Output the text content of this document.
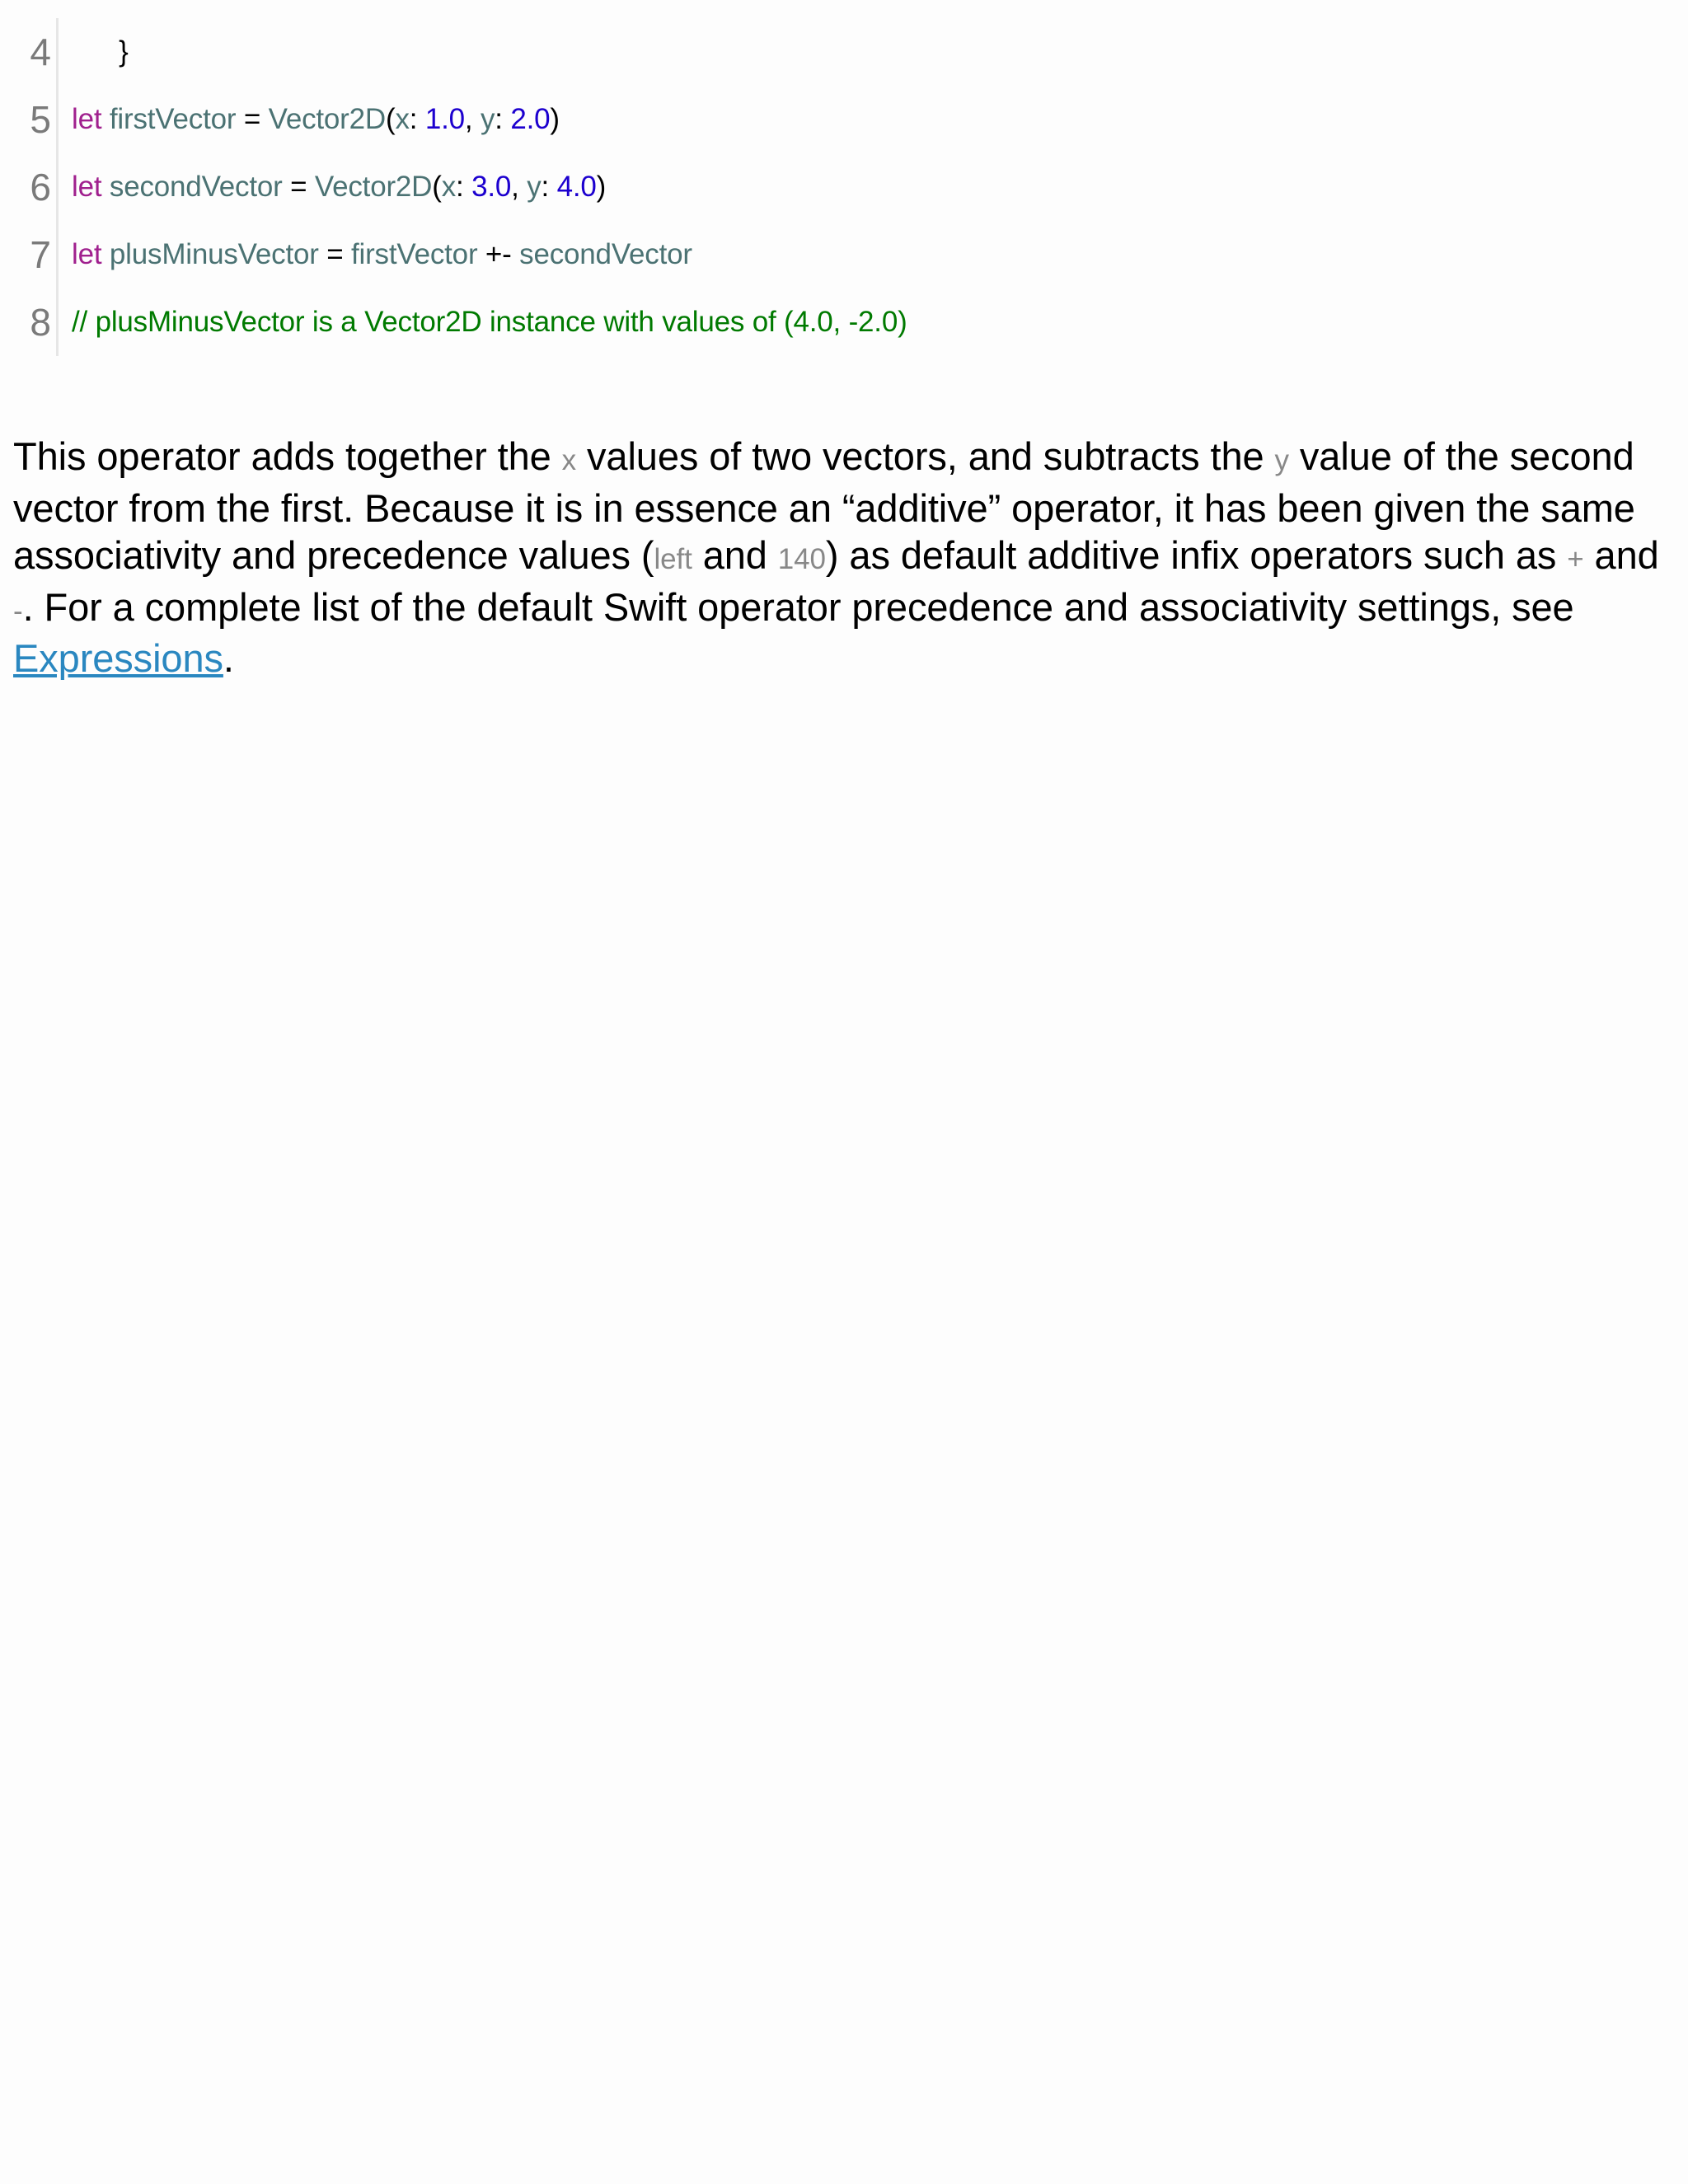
4	}

5 let firstVector = Vector2D(x: 1.0, y: 2.0)
6 let secondVector = Vector2D(x: 3.0, y: 4.0)
7 let plusMinusVector = firstVector +- secondVector
8 // plusMinusVector is a Vector2D instance with values of (4.0, -2.0)

This operator adds together the x values of two vectors, and subtracts the y value of the second vector from the first. Because it is in essence an “additive” operator, it has been given the same associativity and precedence values (left and 140) as default additive infix operators such as + and -. For a complete list of the default Swift operator precedence and associativity settings, see Expressions.
